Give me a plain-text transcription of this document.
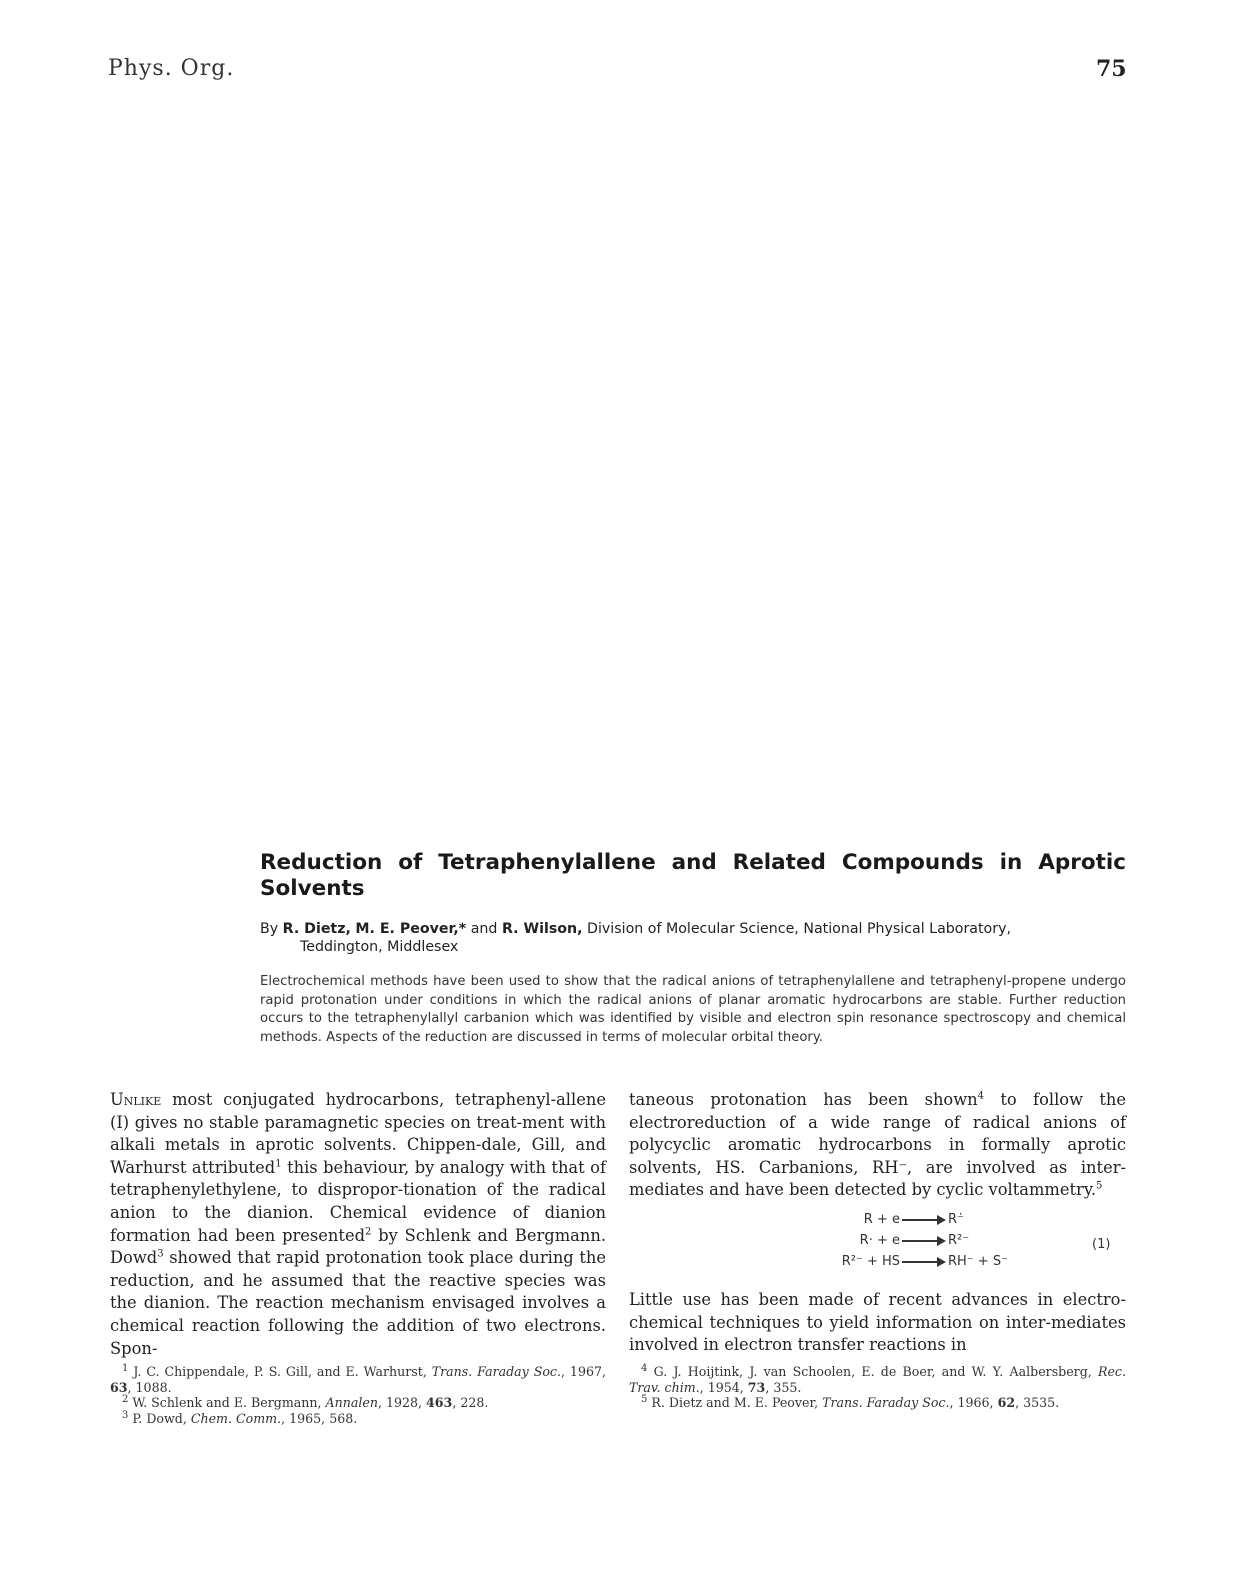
Phys. Org.	75
Reduction of Tetraphenylallene and Related Compounds in Aprotic Solvents
By R. Dietz, M. E. Peover,* and R. Wilson, Division of Molecular Science, National Physical Laboratory,
Teddington, Middlesex
Electrochemical methods have been used to show that the radical anions of tetraphenylallene and tetraphenyl-propene undergo rapid protonation under conditions in which the radical anions of planar aromatic hydrocarbons are stable. Further reduction occurs to the tetraphenylallyl carbanion which was identified by visible and electron spin resonance spectroscopy and chemical methods. Aspects of the reduction are discussed in terms of molecular orbital theory.
Unlike most conjugated hydrocarbons, tetraphenyl-allene (I) gives no stable paramagnetic species on treat-ment with alkali metals in aprotic solvents. Chippen-dale, Gill, and Warhurst attributed$^1$ this behaviour, by analogy with that of tetraphenylethylene, to dispropor-tionation of the radical anion to the dianion. Chemical evidence of dianion formation had been presented$^2$ by Schlenk and Bergmann. Dowd$^3$ showed that rapid protonation took place during the reduction, and he assumed that the reactive species was the dianion. The reaction mechanism envisaged involves a chemical reaction following the addition of two electrons. Spon-
taneous protonation has been shown$^4$ to follow the electroreduction of a wide range of radical anions of polycyclic aromatic hydrocarbons in formally aprotic solvents, HS. Carbanions, RH⁻, are involved as inter-mediates and have been detected by cyclic voltammetry.$^5$
R + e → R⁻̇
R· + e → R²⁻
R²⁻ + HS → RH⁻ + S⁻
(1)
Little use has been made of recent advances in electro-chemical techniques to yield information on inter-mediates involved in electron transfer reactions in

$^1$ J. C. Chippendale, P. S. Gill, and E. Warhurst, Trans. Faraday Soc., 1967, 63, 1088.

$^2$ W. Schlenk and E. Bergmann, Annalen, 1928, 463, 228.

$^3$ P. Dowd, Chem. Comm., 1965, 568.

$^4$ G. J. Hoijtink, J. van Schoolen, E. de Boer, and W. Y. Aalbersberg, Rec. Trav. chim., 1954, 73, 355.

$^5$ R. Dietz and M. E. Peover, Trans. Faraday Soc., 1966, 62, 3535.
